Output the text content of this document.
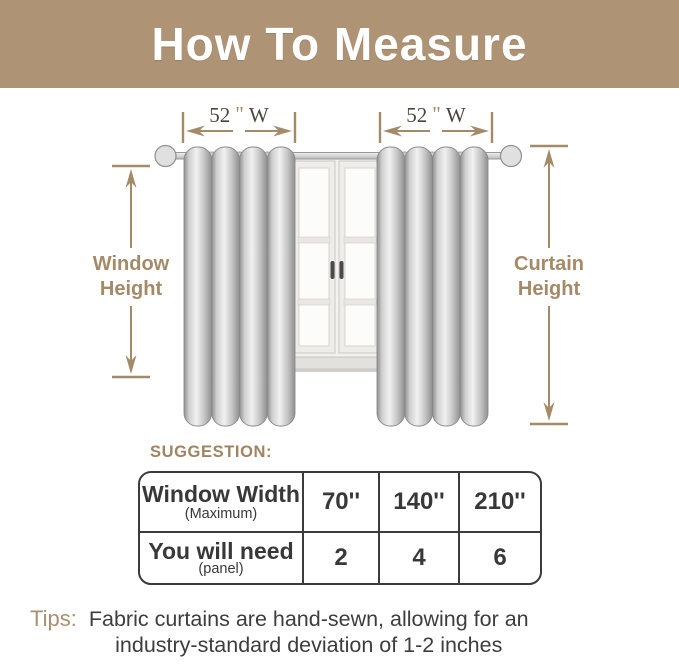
How To Measure
52 " W	52 " W
Window
Height
Curtain
Height
SUGGESTION:
Window Width
(Maximum)	70'' 140'' 210''
You will need
(panel)	2	4	6
Tips: Fabric curtains are hand-sewn, allowing for an
industry-standard deviation of 1-2 inches
